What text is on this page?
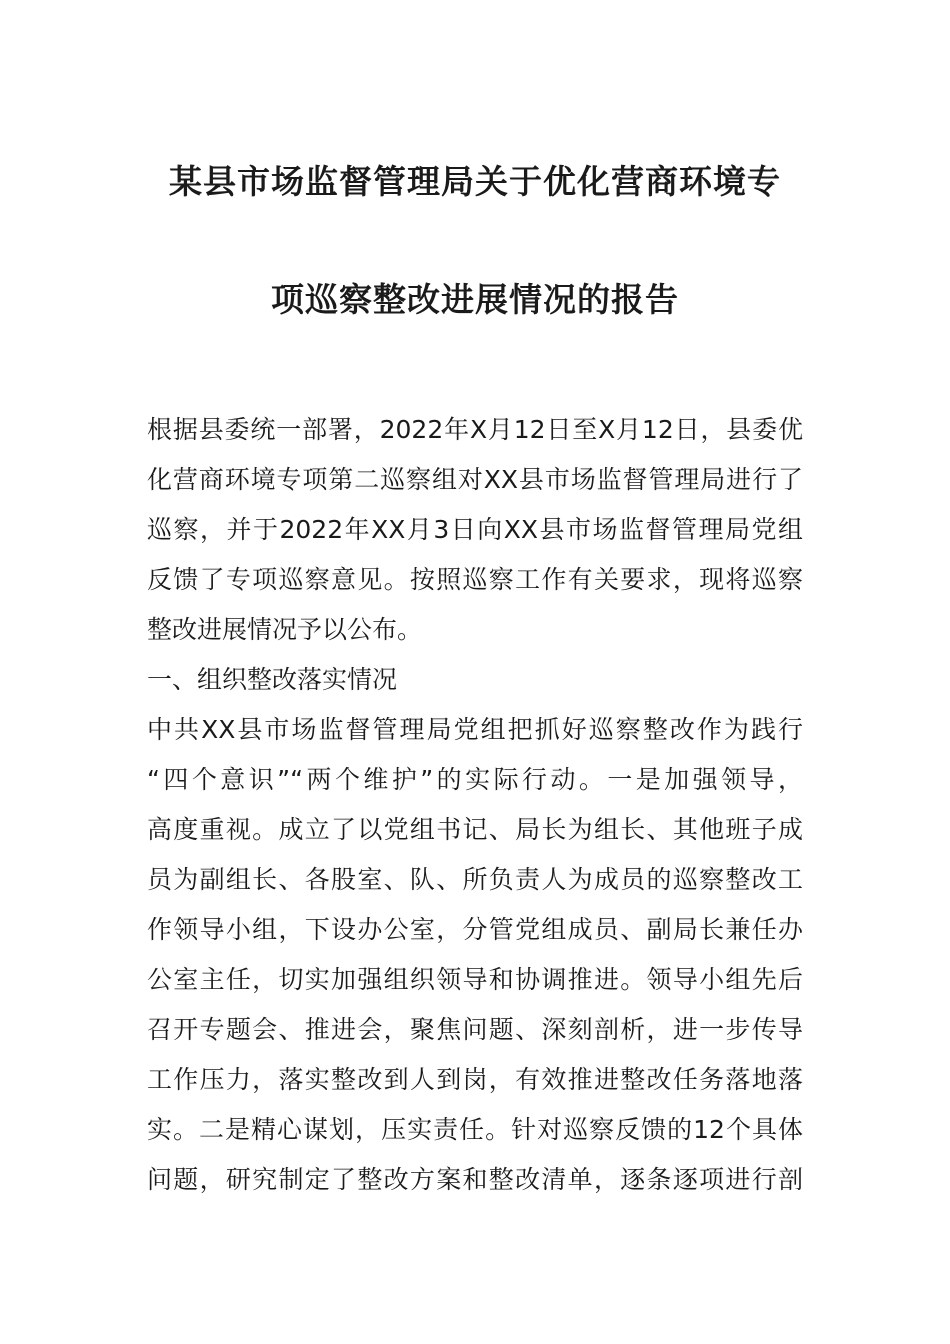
某县市场监督管理局关于优化营商环境专
项巡察整改进展情况的报告
根据县委统一部署，2022年X月12日至X月12日，县委优
化营商环境专项第二巡察组对XX县市场监督管理局进行了
巡察，并于2022年XX月3日向XX县市场监督管理局党组
反馈了专项巡察意见。按照巡察工作有关要求，现将巡察
整改进展情况予以公布。
一、组织整改落实情况
中共XX县市场监督管理局党组把抓好巡察整改作为践行
“四个意识”“两个维护”的实际行动。一是加强领导，
高度重视。成立了以党组书记、局长为组长、其他班子成
员为副组长、各股室、队、所负责人为成员的巡察整改工
作领导小组，下设办公室，分管党组成员、副局长兼任办
公室主任，切实加强组织领导和协调推进。领导小组先后
召开专题会、推进会，聚焦问题、深刻剖析，进一步传导
工作压力，落实整改到人到岗，有效推进整改任务落地落
实。二是精心谋划，压实责任。针对巡察反馈的12个具体
问题，研究制定了整改方案和整改清单，逐条逐项进行剖
